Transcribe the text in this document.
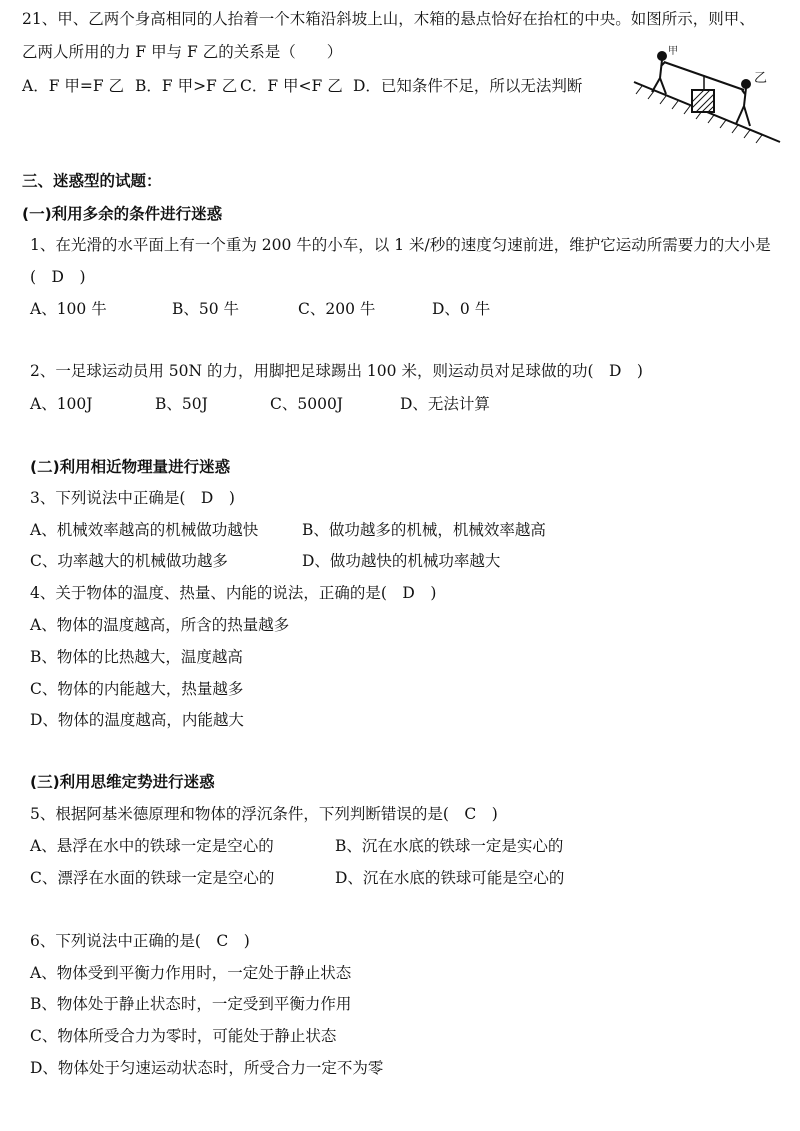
21、甲、乙两个身高相同的人抬着一个木箱沿斜坡上山，木箱的悬点恰好在抬杠的中央。如图所示，则甲、
乙两人所用的力 F 甲与 F 乙的关系是（　　）
A．F 甲=F 乙 B．F 甲>F 乙 C．F 甲<F 乙 D．已知条件不足，所以无法判断
甲
乙
三、迷惑型的试题：
(一)利用多余的条件进行迷惑
1、在光滑的水平面上有一个重为 200 牛的小车，以 1 米/秒的速度匀速前进，维护它运动所需要力的大小是
(　D　)
A、100 牛	B、50 牛	C、200 牛	D、0 牛
2、一足球运动员用 50N 的力，用脚把足球踢出 100 米，则运动员对足球做的功(　D　)
A、100J	B、50J	C、5000J	D、无法计算
(二)利用相近物理量进行迷惑
3、下列说法中正确是(　D　)
A、机械效率越高的机械做功越快	B、做功越多的机械，机械效率越高
C、功率越大的机械做功越多	D、做功越快的机械功率越大
4、关于物体的温度、热量、内能的说法，正确的是(　D　)
A、物体的温度越高，所含的热量越多
B、物体的比热越大，温度越高
C、物体的内能越大，热量越多
D、物体的温度越高，内能越大
(三)利用思维定势进行迷惑
5、根据阿基米德原理和物体的浮沉条件，下列判断错误的是(　C　)
A、悬浮在水中的铁球一定是空心的	B、沉在水底的铁球一定是实心的
C、漂浮在水面的铁球一定是空心的	D、沉在水底的铁球可能是空心的
6、下列说法中正确的是(　C　)
A、物体受到平衡力作用时，一定处于静止状态
B、物体处于静止状态时，一定受到平衡力作用
C、物体所受合力为零时，可能处于静止状态
D、物体处于匀速运动状态时，所受合力一定不为零
